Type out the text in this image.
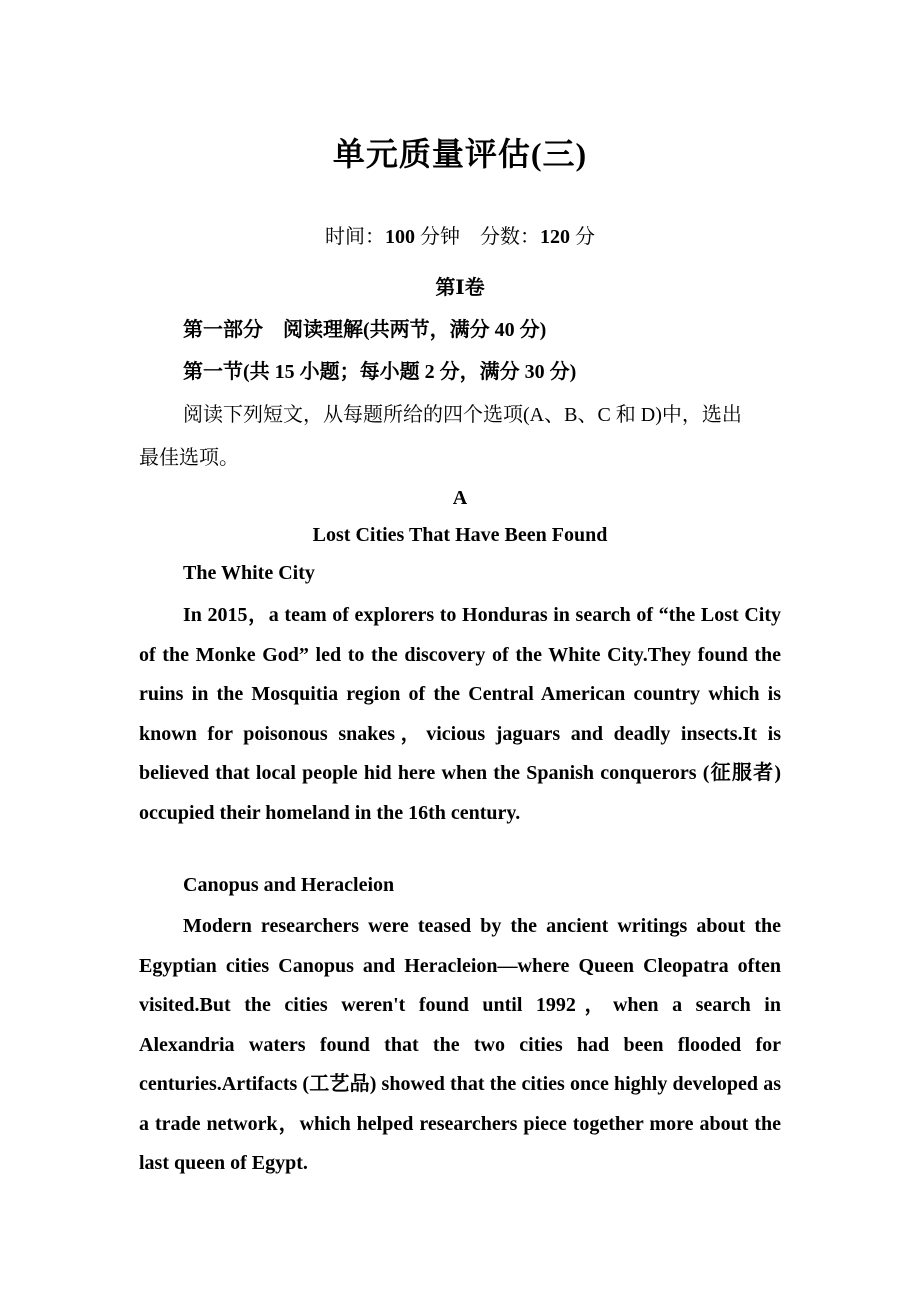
单元质量评估(三)
时间：100 分钟　分数：120 分
第Ⅰ卷
第一部分　阅读理解(共两节，满分 40 分)
第一节(共 15 小题；每小题 2 分，满分 30 分)
阅读下列短文，从每题所给的四个选项(A、B、C 和 D)中，选出
最佳选项。
A
Lost Cities That Have Been Found
The White City
In 2015，a team of explorers to Honduras in search of “the Lost City of the Monke God” led to the discovery of the White City.They found the ruins in the Mosquitia region of the Central American country which is known for poisonous snakes，vicious jaguars and deadly insects.It is believed that local people hid here when the Spanish conquerors (征服者)　　occupied their homeland in the 16th century.
Canopus and Heracleion
Modern researchers were teased by the ancient writings about the Egyptian cities Canopus and Heracleion—where Queen Cleopatra often visited.But the cities weren't found until 1992，when a search in Alexandria waters found that the two cities had been flooded for centuries.Artifacts (工艺品) showed that the cities once highly developed as a trade network，which helped researchers piece together more about the last queen of Egypt.
